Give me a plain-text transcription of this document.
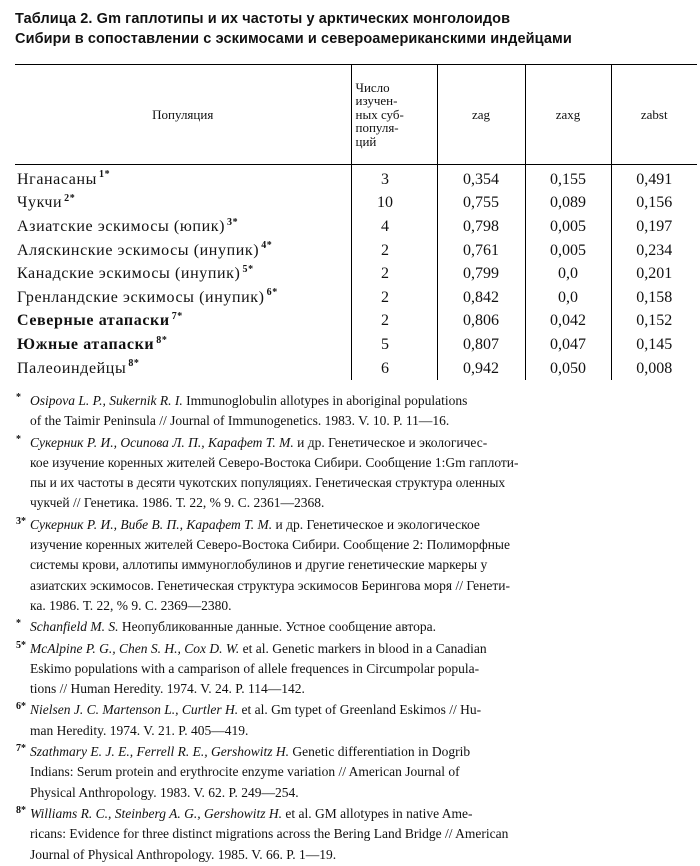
Таблица 2. Gm гаплотипы и их частоты у арктических монголоидов
Сибири в сопоставлении с эскимосами и североамериканскими индейцами
Популяция	Число
изучен-
ных суб-
популя-
ций	zag	zaxg	zabst
Нганасаны $^{1*}$	3	0,354	0,155	0,491
Чукчи $^{2*}$	10	0,755	0,089	0,156
Азиатские эскимосы (юпик) $^{3*}$	4	0,798	0,005	0,197
Аляскинские эскимосы (инупик) $^{4*}$	2	0,761	0,005	0,234
Канадские эскимосы (инупик) $^{5*}$	2	0,799	0,0	0,201
Гренландские эскимосы (инупик) $^{6*}$	2	0,842	0,0	0,158
Северные атапаски $^{7*}$	2	0,806	0,042	0,152
Южные атапаски $^{8*}$	5	0,807	0,047	0,145
Палеоиндейцы $^{8*}$	6	0,942	0,050	0,008
* Osipova L. P., Sukernik R. I. Immunoglobulin allotypes in aboriginal populations
of the Taimir Peninsula // Journal of Immunogenetics. 1983. V. 10. P. 11—16.
* Сукерник Р. И., Осипова Л. П., Карафет Т. М. и др. Генетическое и экологичес-
кое изучение коренных жителей Северо-Востока Сибири. Сообщение 1:Gm гаплоти-
пы и их частоты в десяти чукотских популяциях. Генетическая структура оленных
чукчей // Генетика. 1986. Т. 22, % 9. С. 2361—2368.
3* Сукерник Р. И., Вибе В. П., Карафет Т. М. и др. Генетическое и экологическое
изучение коренных жителей Северо-Востока Сибири. Сообщение 2: Полиморфные
системы крови, аллотипы иммуноглобулинов и другие генетические маркеры у
азиатских эскимосов. Генетическая структура эскимосов Берингова моря // Генети-
ка. 1986. Т. 22, % 9. С. 2369—2380.
* Schanfield M. S. Неопубликованные данные. Устное сообщение автора.
5* McAlpine P. G., Chen S. H., Cox D. W. et al. Genetic markers in blood in a Canadian
Eskimo populations with a camparison of allele frequences in Circumpolar popula-
tions // Human Heredity. 1974. V. 24. P. 114—142.
6* Nielsen J. C. Martenson L., Curtler H. et al. Gm typet of Greenland Eskimos // Hu-
man Heredity. 1974. V. 21. P. 405—419.
7* Szathmary E. J. E., Ferrell R. E., Gershowitz H. Genetic differentiation in Dogrib
Indians: Serum protein and erythrocite enzyme variation // American Journal of
Physical Anthropology. 1983. V. 62. P. 249—254.
8* Williams R. C., Steinberg A. G., Gershowitz H. et al. GM allotypes in native Ame-
ricans: Evidence for three distinct migrations across the Bering Land Bridge // American
Journal of Physical Anthropology. 1985. V. 66. P. 1—19.
